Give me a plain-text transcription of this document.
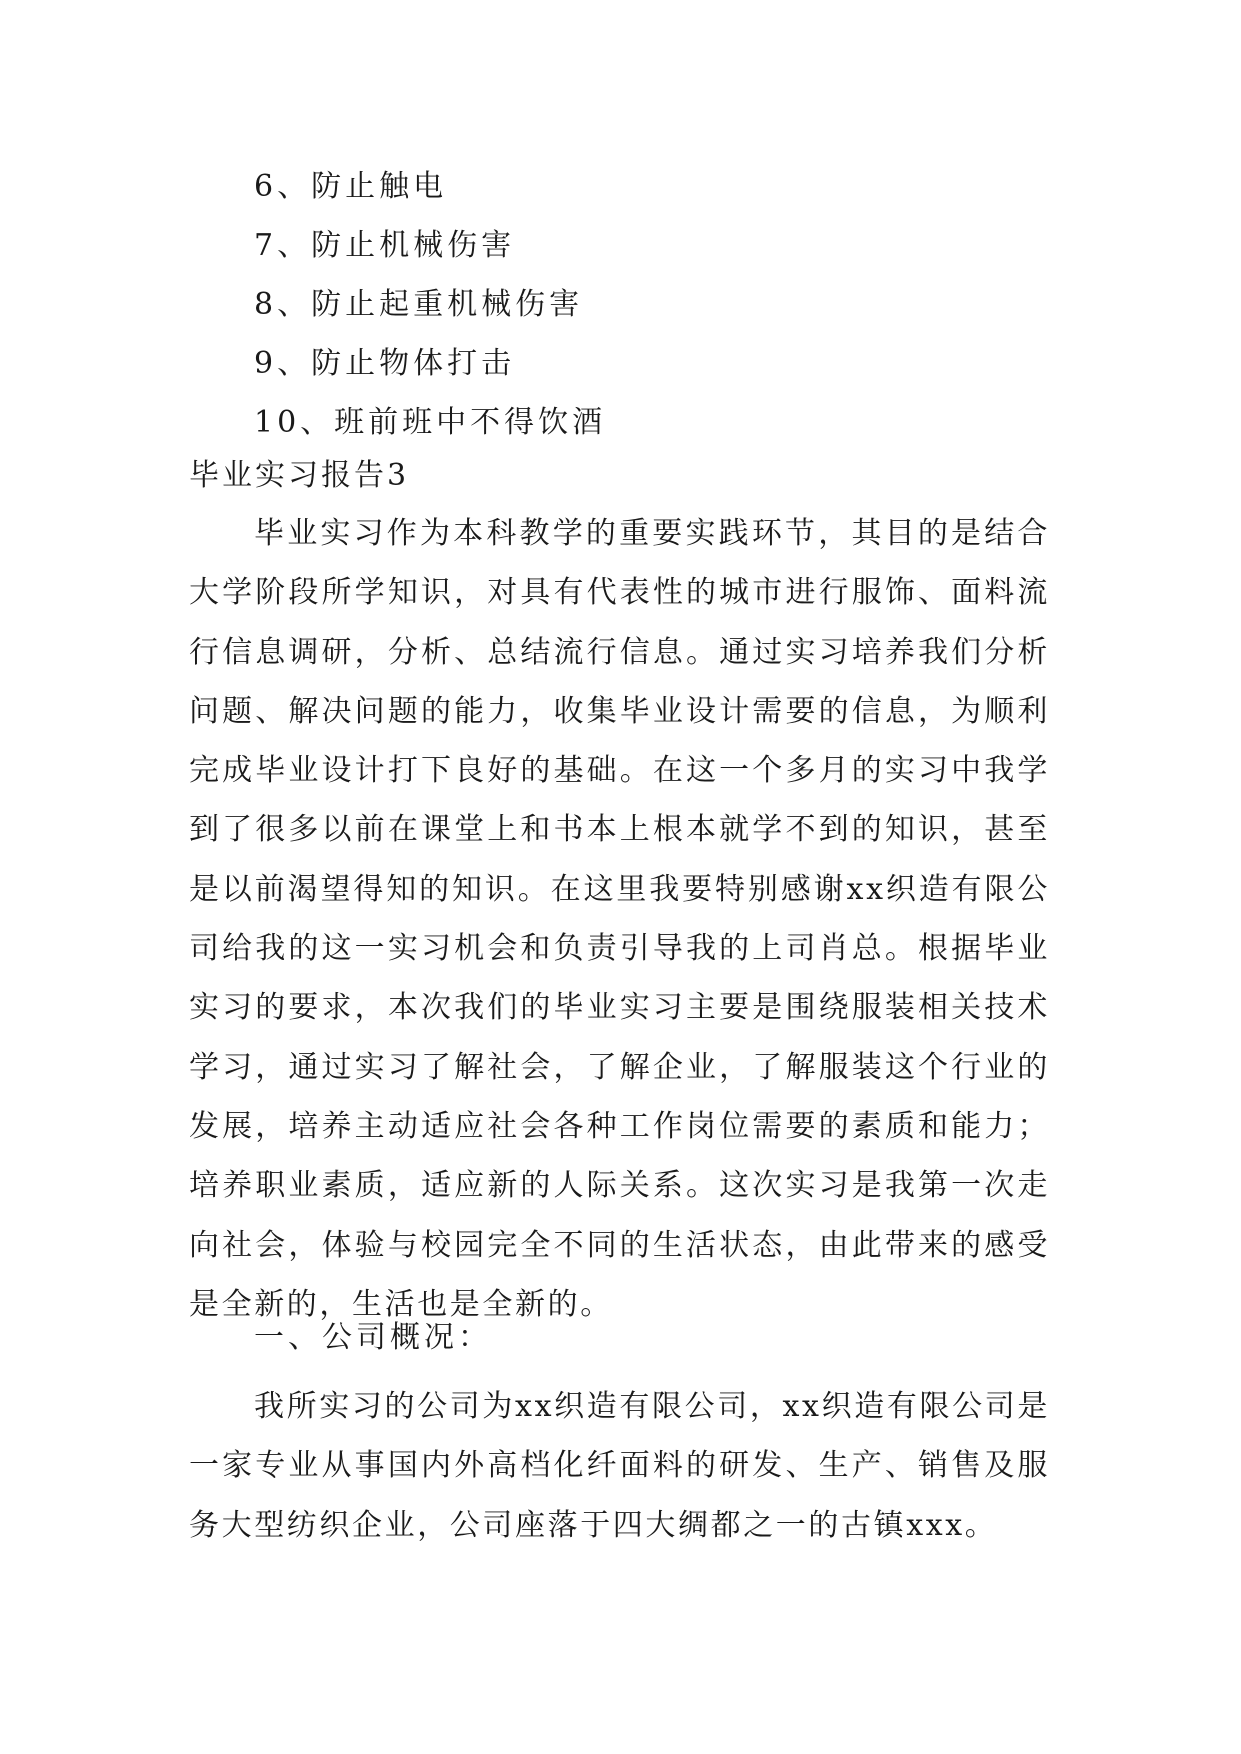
6、防止触电
7、防止机械伤害
8、防止起重机械伤害
9、防止物体打击
10、班前班中不得饮酒
毕业实习报告3

毕业实习作为本科教学的重要实践环节，其目的是结合大学阶段所学知识，对具有代表性的城市进行服饰、面料流行信息调研，分析、总结流行信息。通过实习培养我们分析问题、解决问题的能力，收集毕业设计需要的信息，为顺利完成毕业设计打下良好的基础。在这一个多月的实习中我学到了很多以前在课堂上和书本上根本就学不到的知识，甚至是以前渴望得知的知识。在这里我要特别感谢xx织造有限公司给我的这一实习机会和负责引导我的上司肖总。根据毕业实习的要求，本次我们的毕业实习主要是围绕服装相关技术学习，通过实习了解社会，了解企业，了解服装这个行业的发展，培养主动适应社会各种工作岗位需要的素质和能力；培养职业素质，适应新的人际关系。这次实习是我第一次走向社会，体验与校园完全不同的生活状态，由此带来的感受是全新的，生活也是全新的。

一、公司概况：

我所实习的公司为xx织造有限公司，xx织造有限公司是一家专业从事国内外高档化纤面料的研发、生产、销售及服务大型纺织企业，公司座落于四大绸都之一的古镇xxx。
